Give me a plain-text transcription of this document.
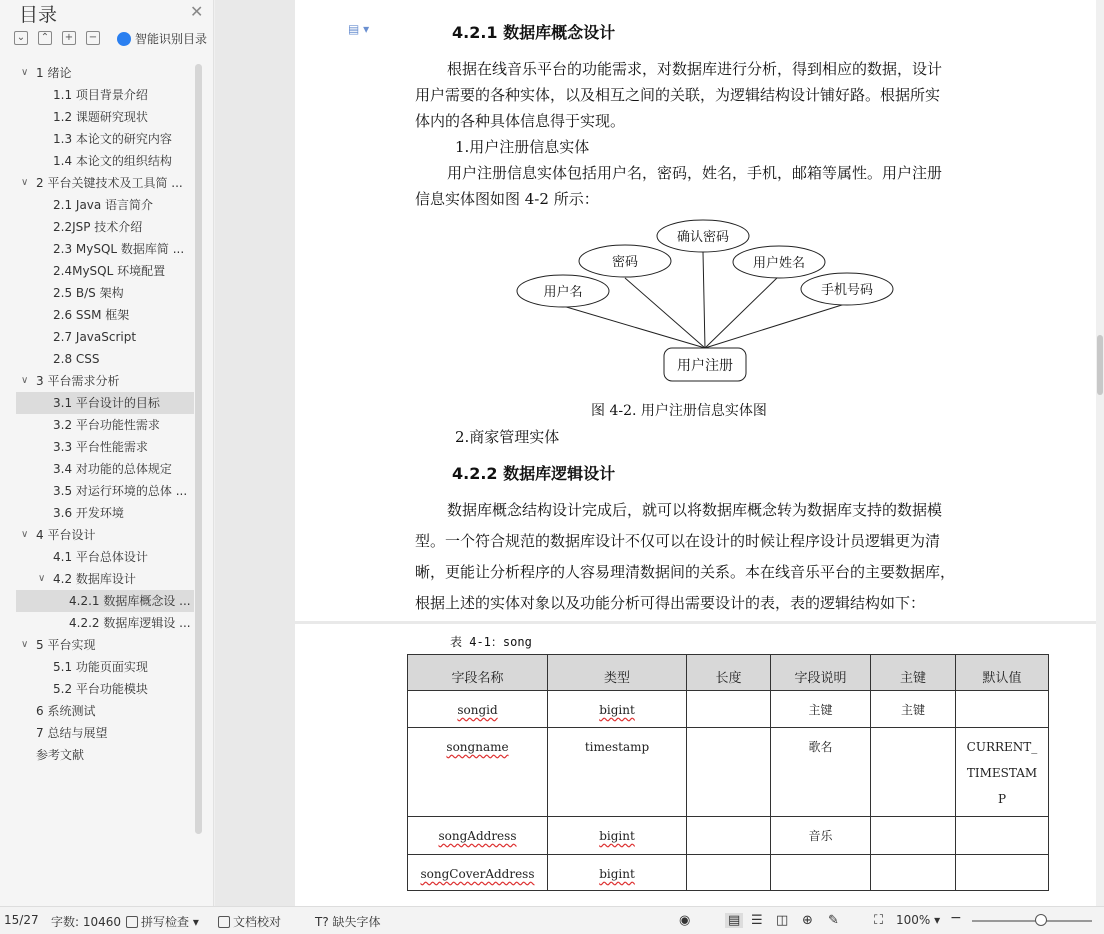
目录	✕
⌄ ⌃ + −	智能识别目录
∨ 1 绪论
1.1 项目背景介绍
1.2 课题研究现状
1.3 本论文的研究内容
1.4 本论文的组织结构
∨ 2 平台关键技术及工具简 ...
2.1 Java 语言简介
2.2JSP 技术介绍
2.3 MySQL 数据库简 ...
2.4MySQL 环境配置
2.5 B/S 架构
2.6 SSM 框架
2.7 JavaScript
2.8 CSS
∨ 3 平台需求分析
3.1 平台设计的目标
3.2 平台功能性需求
3.3 平台性能需求
3.4 对功能的总体规定
3.5 对运行环境的总体 ...
3.6 开发环境
∨ 4 平台设计
4.1 平台总体设计
∨ 4.2 数据库设计
4.2.1 数据库概念设 ...
4.2.2 数据库逻辑设 ...
∨ 5 平台实现
5.1 功能页面实现
5.2 平台功能模块
6 系统测试
7 总结与展望
参考文献
▤ ▾	4.2.1 数据库概念设计
根据在线音乐平台的功能需求，对数据库进行分析，得到相应的数据，设计
用户需要的各种实体，以及相互之间的关联，为逻辑结构设计铺好路。根据所实
体内的各种具体信息得于实现。
1.用户注册信息实体
用户注册信息实体包括用户名，密码，姓名，手机，邮箱等属性。用户注册
信息实体图如图 4-2 所示：
用户名
密码
确认密码
用户姓名
手机号码
用户注册
图 4-2. 用户注册信息实体图
2.商家管理实体
4.2.2 数据库逻辑设计
数据库概念结构设计完成后，就可以将数据库概念转为数据库支持的数据模
型。一个符合规范的数据库设计不仅可以在设计的时候让程序设计员逻辑更为清
晰，更能让分析程序的人容易理清数据间的关系。本在线音乐平台的主要数据库，
根据上述的实体对象以及功能分析可得出需要设计的表，表的逻辑结构如下：
表 4-1：song
字段名称	类型	长度	字段说明	主键	默认值
songid	bigint		主键	主键	
songname	timestamp		歌名		CURRENT_ TIMESTAM P
songAddress	bigint		音乐		
songCoverAddress	bigint				
15/27 字数: 10460	拼写检查 ▾	文档校对	T? 缺失字体	◉	▤ ☰ ◫ ⊕ ✎	⛶ 100% ▾ −
